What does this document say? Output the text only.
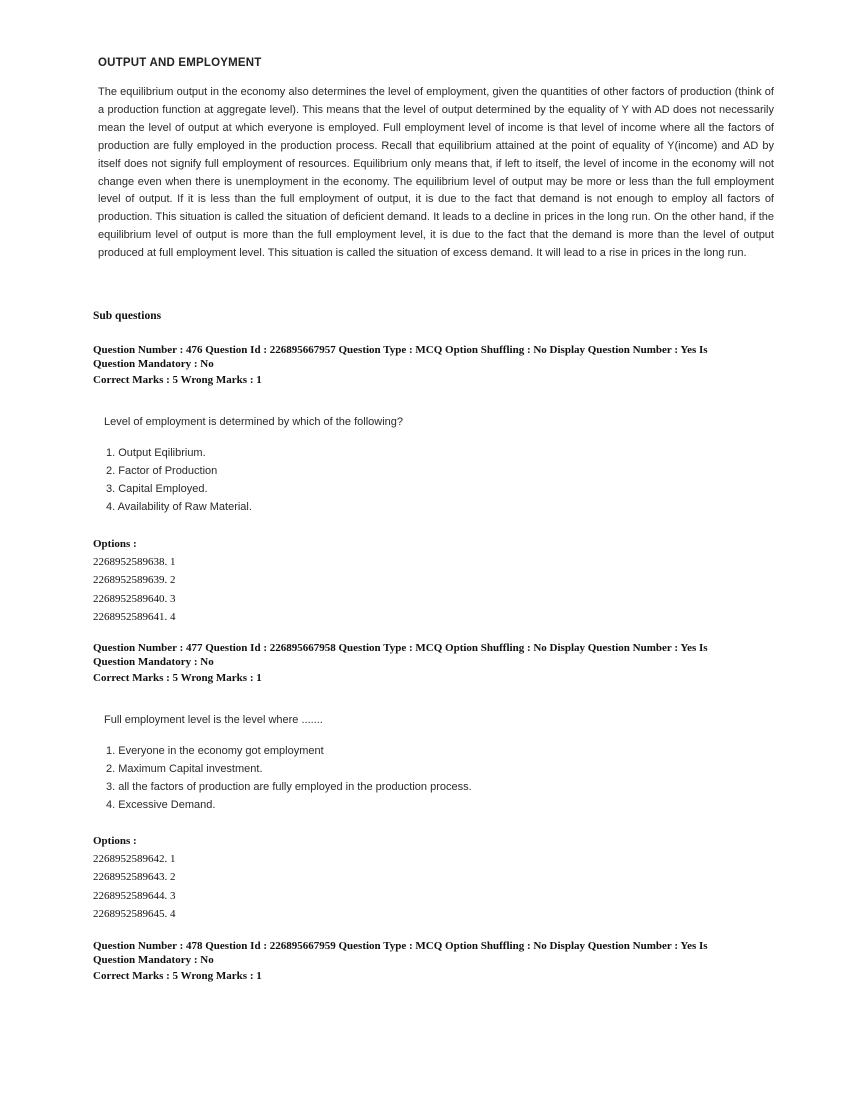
OUTPUT AND EMPLOYMENT

The equilibrium output in the economy also determines the level of employment, given the quantities of other factors of production (think of a production function at aggregate level). This means that the level of output determined by the equality of Y with AD does not necessarily mean the level of output at which everyone is employed. Full employment level of income is that level of income where all the factors of production are fully employed in the production process. Recall that equilibrium attained at the point of equality of Y(income) and AD by itself does not signify full employment of resources. Equilibrium only means that, if left to itself, the level of income in the economy will not change even when there is unemployment in the economy. The equilibrium level of output may be more or less than the full employment level of output. If it is less than the full employment of output, it is due to the fact that demand is not enough to employ all factors of production. This situation is called the situation of deficient demand. It leads to a decline in prices in the long run. On the other hand, if the equilibrium level of output is more than the full employment level, it is due to the fact that the demand is more than the level of output produced at full employment level. This situation is called the situation of excess demand. It will lead to a rise in prices in the long run.

Sub questions
Question Number : 476 Question Id : 226895667957 Question Type : MCQ Option Shuffling : No Display Question Number : Yes Is
Question Mandatory : No
Correct Marks : 5 Wrong Marks : 1
Level of employment is determined by which of the following?
1. Output Eqilibrium.
2. Factor of Production
3. Capital Employed.
4. Availability of Raw Material.
Options :
2268952589638. 1
2268952589639. 2
2268952589640. 3
2268952589641. 4
Question Number : 477 Question Id : 226895667958 Question Type : MCQ Option Shuffling : No Display Question Number : Yes Is
Question Mandatory : No
Correct Marks : 5 Wrong Marks : 1
Full employment level is the level where .......
1. Everyone in the economy got employment
2. Maximum Capital investment.
3. all the factors of production are fully employed in the production process.
4. Excessive Demand.
Options :
2268952589642. 1
2268952589643. 2
2268952589644. 3
2268952589645. 4
Question Number : 478 Question Id : 226895667959 Question Type : MCQ Option Shuffling : No Display Question Number : Yes Is
Question Mandatory : No
Correct Marks : 5 Wrong Marks : 1
